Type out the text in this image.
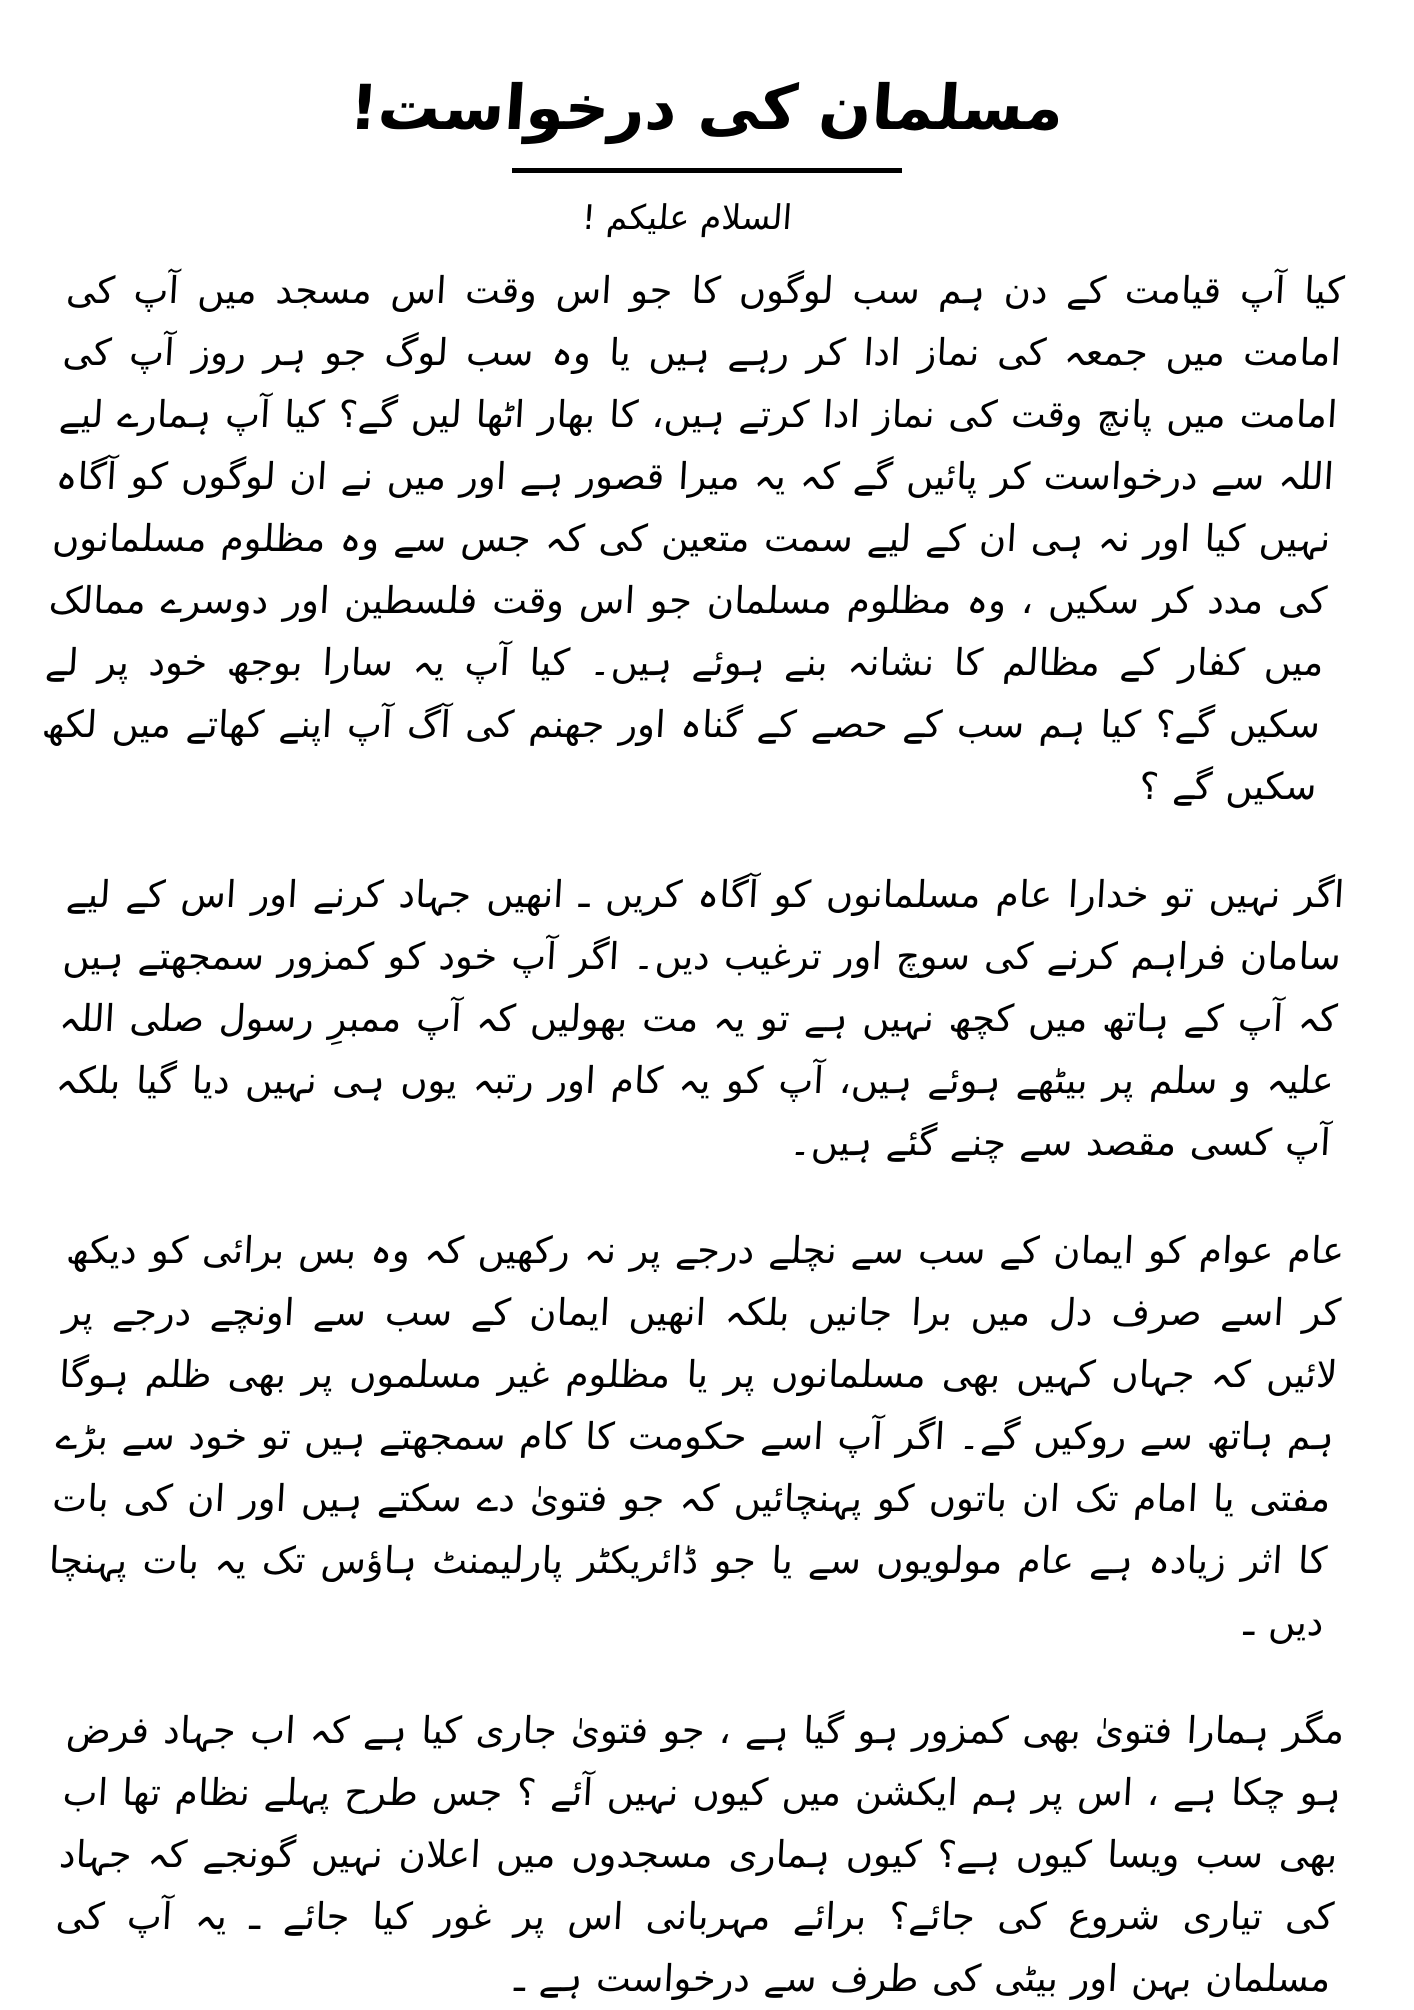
مسلمان کی درخواست!
السلام علیکم !

کیا آپ قیامت کے دن ہم سب لوگوں کا جو اس وقت اس مسجد میں آپ کی امامت میں جمعہ کی نماز ادا کر رہے ہیں یا وہ سب لوگ جو ہر روز آپ کی امامت میں پانچ وقت کی نماز ادا کرتے ہیں، کا بھار اٹھا لیں گے؟ کیا آپ ہمارے لیے اللہ سے درخواست کر پائیں گے کہ یہ میرا قصور ہے اور میں نے ان لوگوں کو آگاہ نہیں کیا اور نہ ہی ان کے لیے سمت متعین کی کہ جس سے وہ مظلوم مسلمانوں کی مدد کر سکیں ، وہ مظلوم مسلمان جو اس وقت فلسطین اور دوسرے ممالک میں کفار کے مظالم کا نشانہ بنے ہوئے ہیں۔ کیا آپ یہ سارا بوجھ خود پر لے سکیں گے؟ کیا ہم سب کے حصے کے گناہ اور جھنم کی آگ آپ اپنے کھاتے میں لکھ سکیں گے ؟

اگر نہیں تو خدارا عام مسلمانوں کو آگاہ کریں ـ انھیں جہاد کرنے اور اس کے لیے سامان فراہم کرنے کی سوچ اور ترغیب دیں۔ اگر آپ خود کو کمزور سمجھتے ہیں کہ آپ کے ہاتھ میں کچھ نہیں ہے تو یہ مت بھولیں کہ آپ ممبرِ رسول صلی اللہ علیہ و سلم پر بیٹھے ہوئے ہیں، آپ کو یہ کام اور رتبہ یوں ہی نہیں دیا گیا بلکہ آپ کسی مقصد سے چنے گئے ہیں۔

عام عوام کو ایمان کے سب سے نچلے درجے پر نہ رکھیں کہ وہ بس برائی کو دیکھ کر اسے صرف دل میں برا جانیں بلکہ انھیں ایمان کے سب سے اونچے درجے پر لائیں کہ جہاں کہیں بھی مسلمانوں پر یا مظلوم غیر مسلموں پر بھی ظلم ہوگا ہم ہاتھ سے روکیں گے۔ اگر آپ اسے حکومت کا کام سمجھتے ہیں تو خود سے بڑے مفتی یا امام تک ان باتوں کو پہنچائیں کہ جو فتویٰ دے سکتے ہیں اور ان کی بات کا اثر زیادہ ہے عام مولویوں سے یا جو ڈائریکٹر پارلیمنٹ ہاؤس تک یہ بات پہنچا دیں ـ

مگر ہمارا فتویٰ بھی کمزور ہو گیا ہے ، جو فتویٰ جاری کیا ہے کہ اب جہاد فرض ہو چکا ہے ، اس پر ہم ایکشن میں کیوں نہیں آئے ؟ جس طرح پہلے نظام تھا اب بھی سب ویسا کیوں ہے؟ کیوں ہماری مسجدوں میں اعلان نہیں گونجے کہ جہاد کی تیاری شروع کی جائے؟ برائے مہربانی اس پر غور کیا جائے ـ یہ آپ کی مسلمان بہن اور بیٹی کی طرف سے درخواست ہے ـ
